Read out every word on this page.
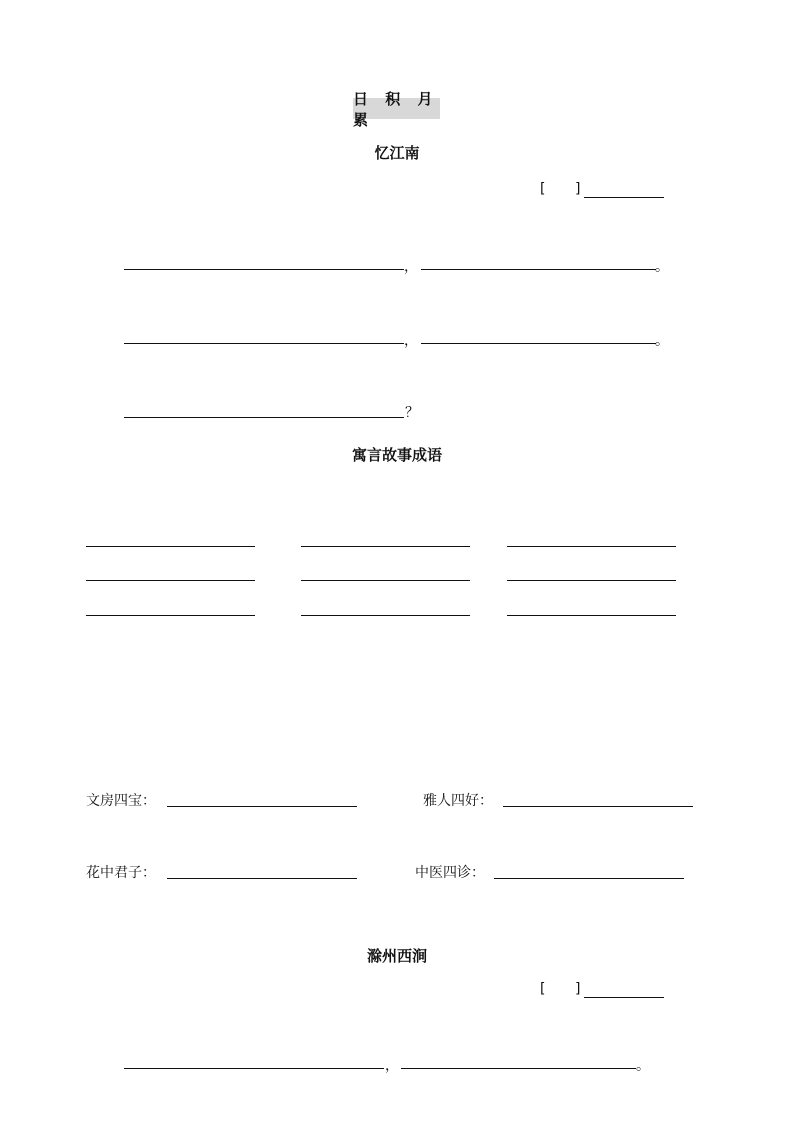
日 积 月 累
忆江南
[ ]
，	。
，	。
？
寓言故事成语
文房四宝：	雅人四好：
花中君子：	中医四诊：
滁州西涧
[ ]
，	。
